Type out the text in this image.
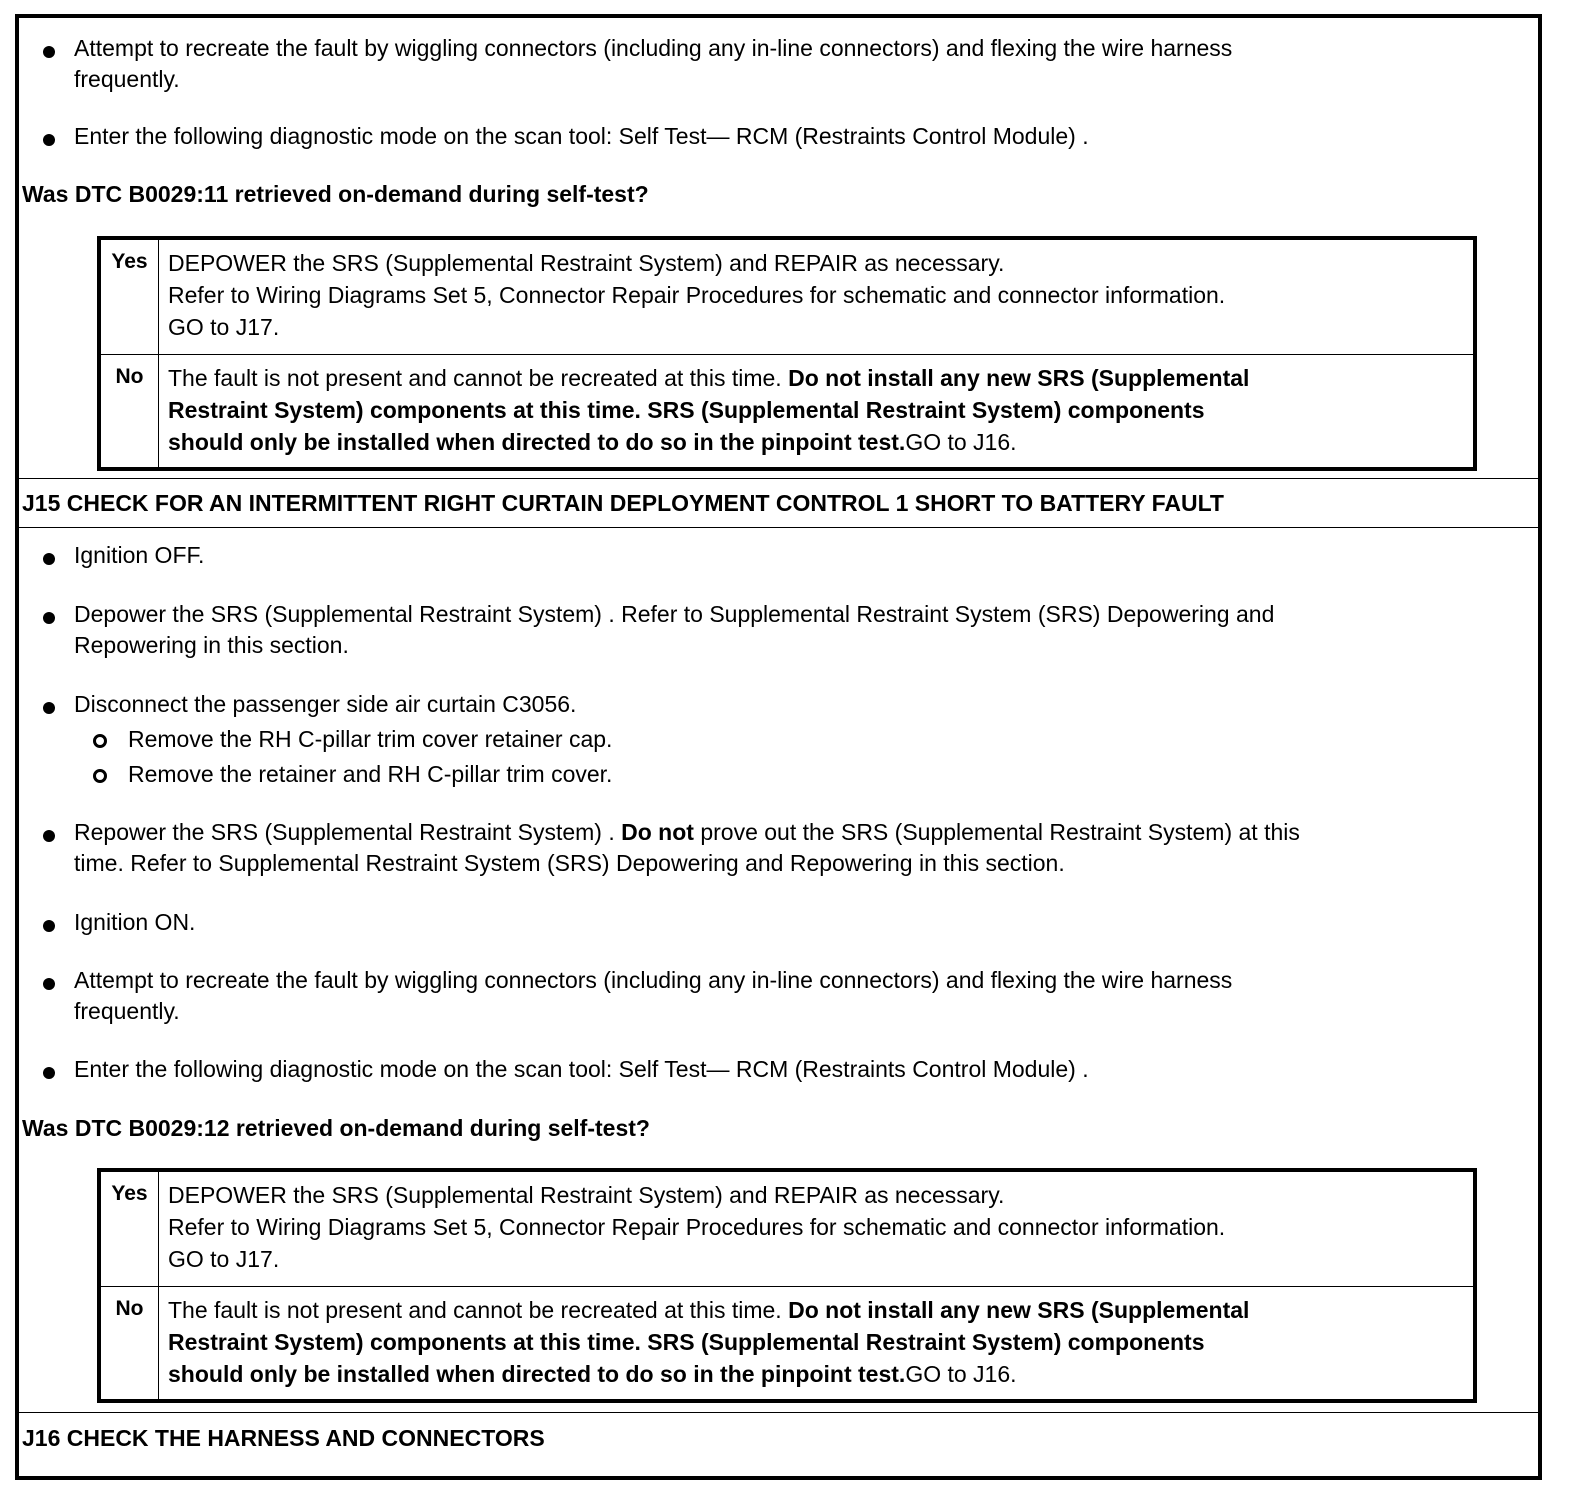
Attempt to recreate the fault by wiggling connectors (including any in-line connectors) and flexing the wire harness
frequently.
Enter the following diagnostic mode on the scan tool: Self Test— RCM (Restraints Control Module) .
Was DTC B0029:11 retrieved on-demand during self-test?
Yes DEPOWER the SRS (Supplemental Restraint System) and REPAIR as necessary.
Refer to Wiring Diagrams Set 5, Connector Repair Procedures for schematic and connector information.
GO to J17.
No	The fault is not present and cannot be recreated at this time. Do not install any new SRS (Supplemental
Restraint System) components at this time. SRS (Supplemental Restraint System) components
should only be installed when directed to do so in the pinpoint test.GO to J16.
J15 CHECK FOR AN INTERMITTENT RIGHT CURTAIN DEPLOYMENT CONTROL 1 SHORT TO BATTERY FAULT
Ignition OFF.
Depower the SRS (Supplemental Restraint System) . Refer to Supplemental Restraint System (SRS) Depowering and
Repowering in this section.
Disconnect the passenger side air curtain C3056.
Remove the RH C-pillar trim cover retainer cap.
Remove the retainer and RH C-pillar trim cover.
Repower the SRS (Supplemental Restraint System) . Do not prove out the SRS (Supplemental Restraint System) at this
time. Refer to Supplemental Restraint System (SRS) Depowering and Repowering in this section.
Ignition ON.
Attempt to recreate the fault by wiggling connectors (including any in-line connectors) and flexing the wire harness
frequently.
Enter the following diagnostic mode on the scan tool: Self Test— RCM (Restraints Control Module) .
Was DTC B0029:12 retrieved on-demand during self-test?
Yes DEPOWER the SRS (Supplemental Restraint System) and REPAIR as necessary.
Refer to Wiring Diagrams Set 5, Connector Repair Procedures for schematic and connector information.
GO to J17.
No	The fault is not present and cannot be recreated at this time. Do not install any new SRS (Supplemental
Restraint System) components at this time. SRS (Supplemental Restraint System) components
should only be installed when directed to do so in the pinpoint test.GO to J16.
J16 CHECK THE HARNESS AND CONNECTORS
